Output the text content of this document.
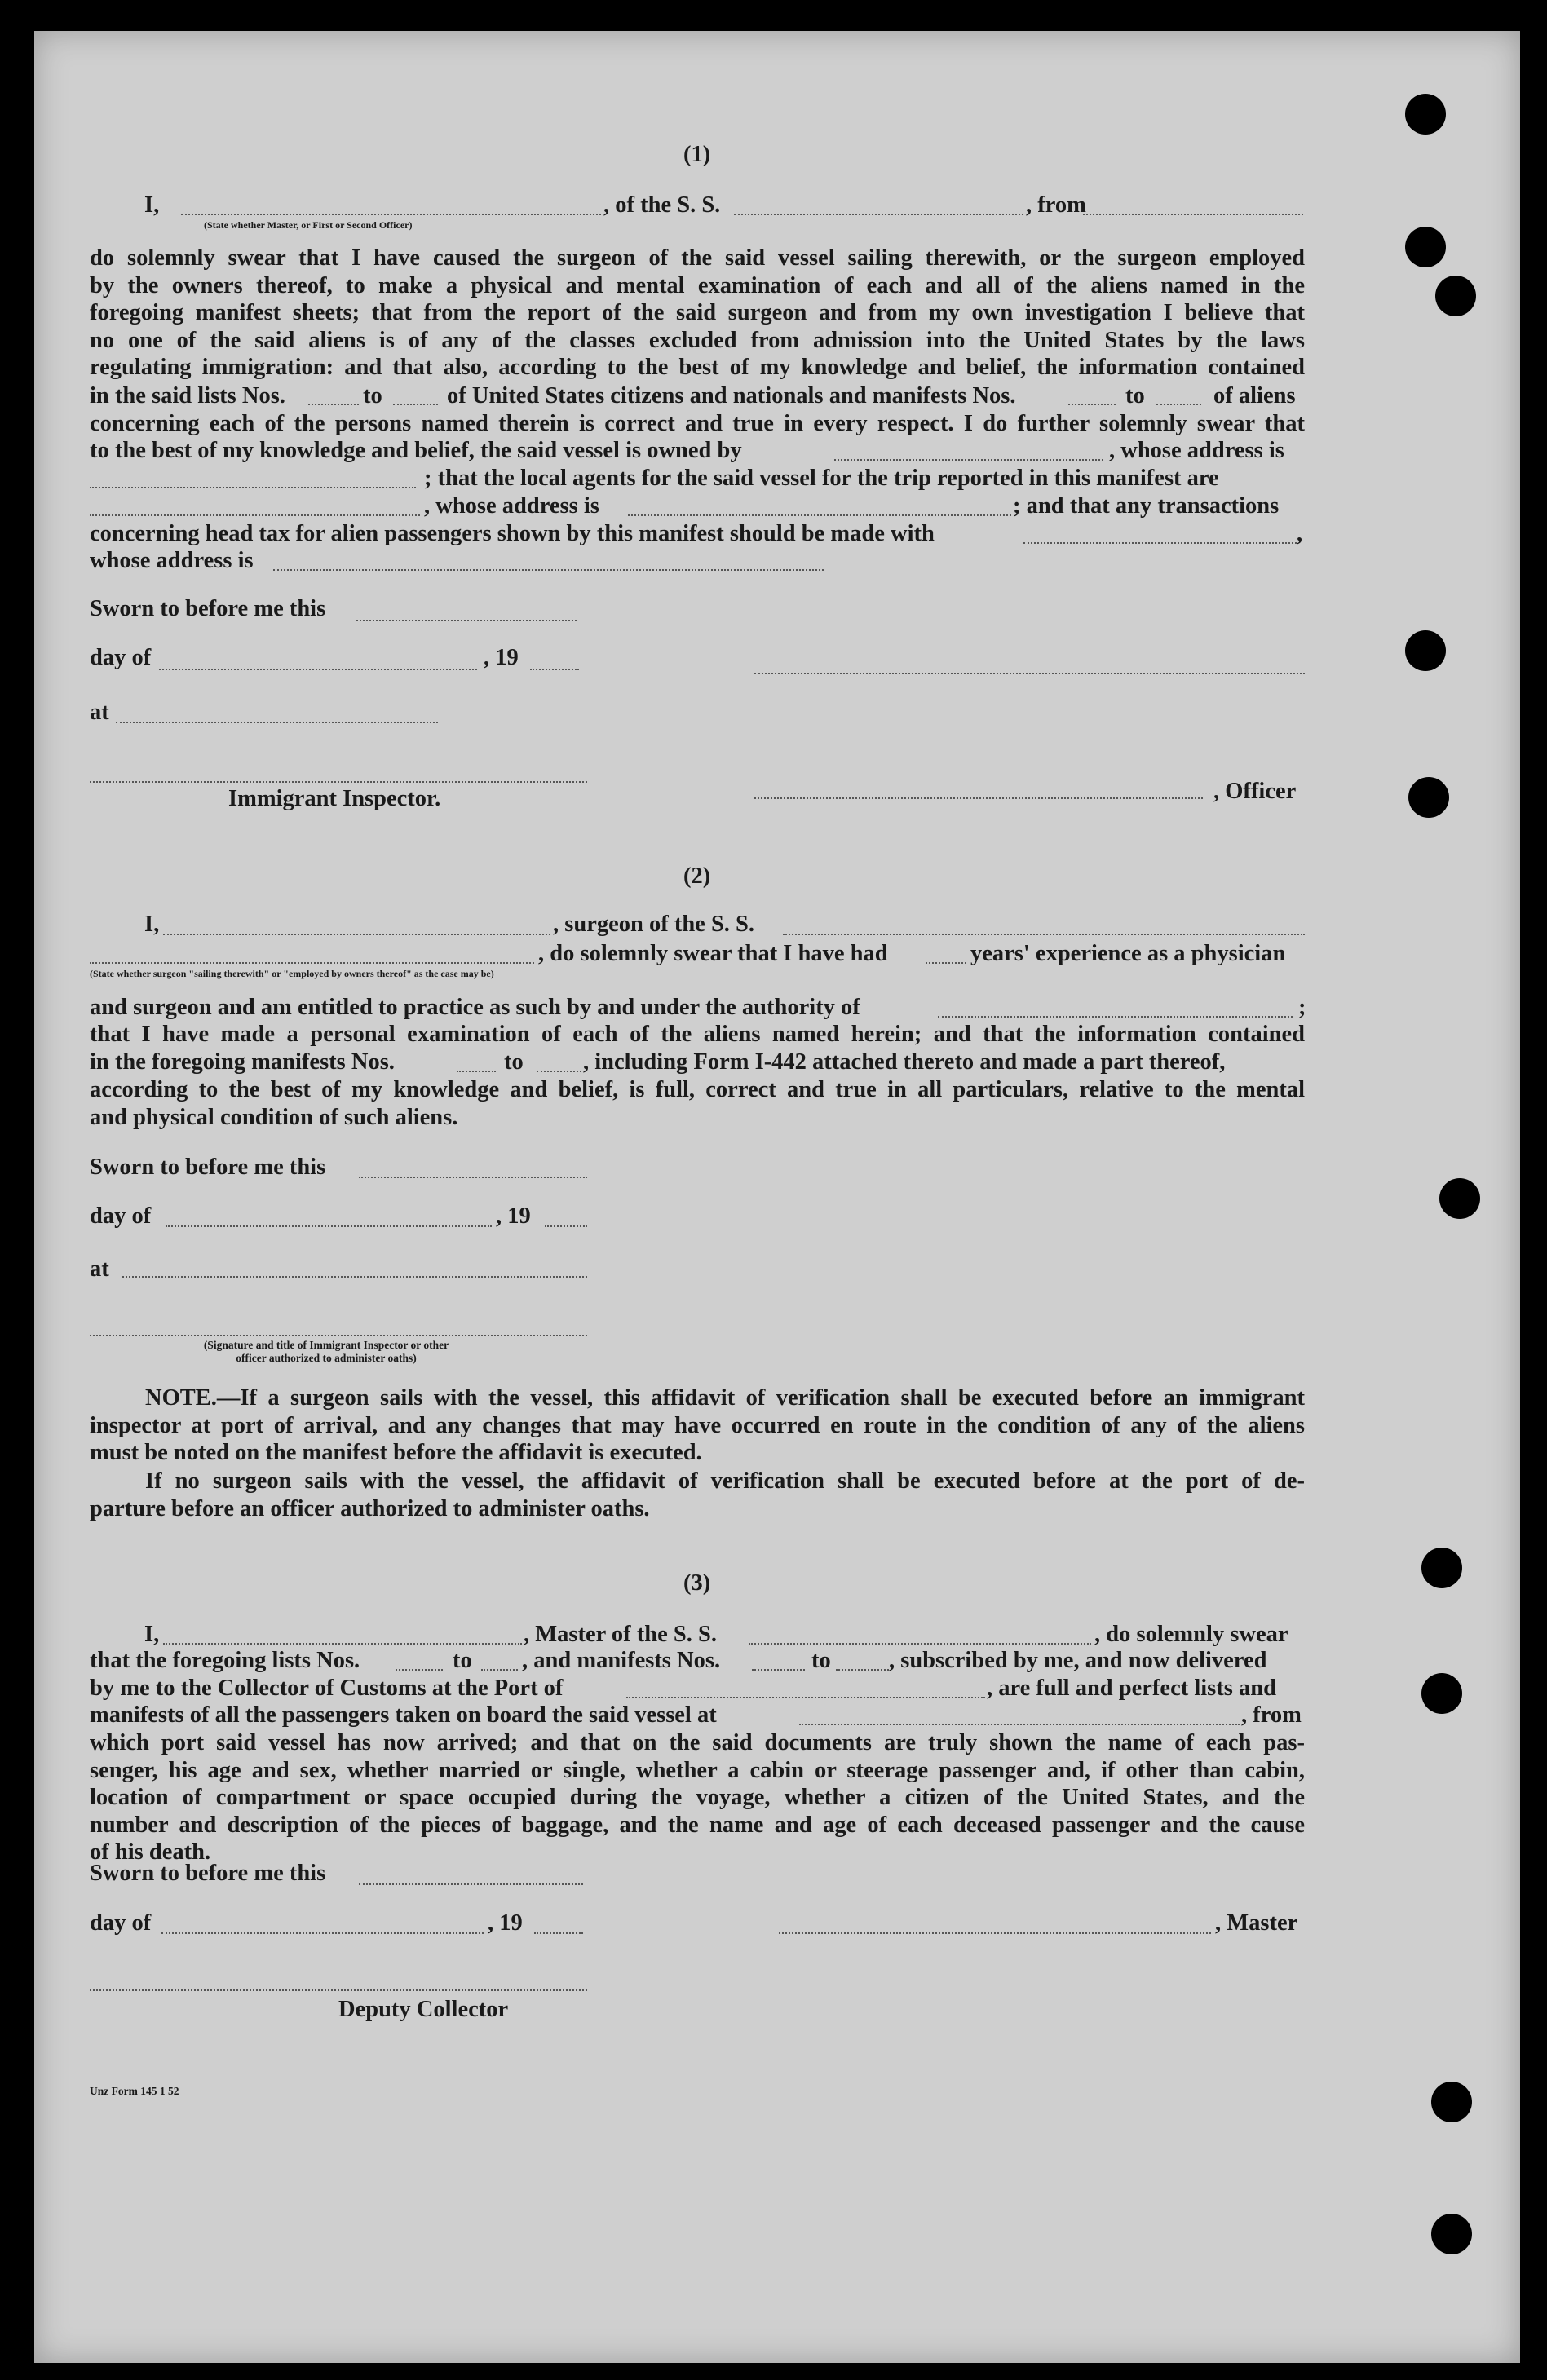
(1)
I,	, of the S. S.	, from
(State whether Master, or First or Second Officer)
do solemnly swear that I have caused the surgeon of the said vessel sailing therewith, or the surgeon employed
by the owners thereof, to make a physical and mental examination of each and all of the aliens named in the
foregoing manifest sheets; that from the report of the said surgeon and from my own investigation I believe that
no one of the said aliens is of any of the classes excluded from admission into the United States by the laws
regulating immigration: and that also, according to the best of my knowledge and belief, the information contained
in the said lists Nos.	to	of United States citizens and nationals and manifests Nos.	to	of aliens
concerning each of the persons named therein is correct and true in every respect. I do further solemnly swear that
to the best of my knowledge and belief, the said vessel is owned by	, whose address is
; that the local agents for the said vessel for the trip reported in this manifest are
, whose address is	; and that any transactions
concerning head tax for alien passengers shown by this manifest should be made with	,
whose address is
Sworn to before me this
day of	, 19
at
Immigrant Inspector.	, Officer
(2)
I,	, surgeon of the S. S.
, do solemnly swear that I have had	years' experience as a physician
(State whether surgeon "sailing therewith" or "employed by owners thereof" as the case may be)
and surgeon and am entitled to practice as such by and under the authority of	;
that I have made a personal examination of each of the aliens named herein; and that the information contained
in the foregoing manifests Nos.	to	, including Form I-442 attached thereto and made a part thereof,
according to the best of my knowledge and belief, is full, correct and true in all particulars, relative to the mental
and physical condition of such aliens.
Sworn to before me this
day of	, 19
at
(Signature and title of Immigrant Inspector or other
officer authorized to administer oaths)
NOTE.—If a surgeon sails with the vessel, this affidavit of verification shall be executed before an immigrant
inspector at port of arrival, and any changes that may have occurred en route in the condition of any of the aliens
must be noted on the manifest before the affidavit is executed.
If no surgeon sails with the vessel, the affidavit of verification shall be executed before at the port of de-
parture before an officer authorized to administer oaths.
(3)
I,	, Master of the S. S.	, do solemnly swear
that the foregoing lists Nos.	to , and manifests Nos.	to	, subscribed by me, and now delivered
by me to the Collector of Customs at the Port of	, are full and perfect lists and
manifests of all the passengers taken on board the said vessel at	, from
which port said vessel has now arrived; and that on the said documents are truly shown the name of each pas-
senger, his age and sex, whether married or single, whether a cabin or steerage passenger and, if other than cabin,
location of compartment or space occupied during the voyage, whether a citizen of the United States, and the
number and description of the pieces of baggage, and the name and age of each deceased passenger and the cause
of his death.
Sworn to before me this
day of	, 19	, Master
Deputy Collector
Unz Form 145 1 52
